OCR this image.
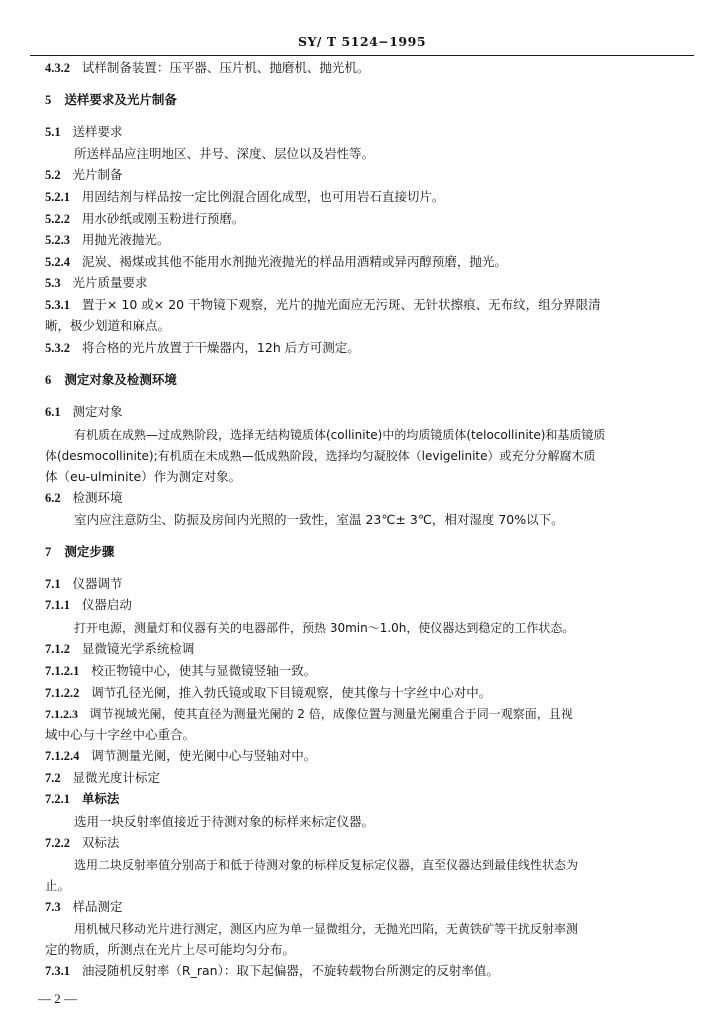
SY/ T 5124−1995
4.3.2 试样制备装置：压平器、压片机、抛磨机、抛光机。
5 送样要求及光片制备
5.1 送样要求
所送样品应注明地区、井号、深度、层位以及岩性等。
5.2 光片制备
5.2.1 用固结剂与样品按一定比例混合固化成型，也可用岩石直接切片。
5.2.2 用水砂纸或刚玉粉进行预磨。
5.2.3 用抛光液抛光。
5.2.4 泥炭、褐煤或其他不能用水剂抛光液抛光的样品用酒精或异丙醇预磨，抛光。
5.3 光片质量要求
5.3.1 置于× 10 或× 20 干物镜下观察，光片的抛光面应无污斑、无针状擦痕、无布纹，组分界限清
晰，极少划道和麻点。
5.3.2 将合格的光片放置于干燥器内，12h 后方可测定。
6 测定对象及检测环境
6.1 测定对象
有机质在成熟—过成熟阶段，选择无结构镜质体(collinite)中的均质镜质体(telocollinite)和基质镜质
体(desmocollinite);有机质在未成熟—低成熟阶段，选择均匀凝胶体（levigelinite）或充分分解腐木质
体（eu-ulminite）作为测定对象。
6.2 检测环境
室内应注意防尘、防振及房间内光照的一致性，室温 23℃± 3℃，相对湿度 70%以下。
7 测定步骤
7.1 仪器调节
7.1.1 仪器启动
打开电源，测量灯和仪器有关的电器部件，预热 30min～1.0h，使仪器达到稳定的工作状态。
7.1.2 显微镜光学系统检调
7.1.2.1 校正物镜中心，使其与显微镜竖轴一致。
7.1.2.2 调节孔径光阑，推入勃氏镜或取下目镜观察，使其像与十字丝中心对中。
7.1.2.3 调节视域光阑，使其直径为测量光阑的 2 倍，成像位置与测量光阑重合于同一观察面，且视
域中心与十字丝中心重合。
7.1.2.4 调节测量光阑，使光阑中心与竖轴对中。
7.2 显微光度计标定
7.2.1 单标法
选用一块反射率值接近于待测对象的标样来标定仪器。
7.2.2 双标法
选用二块反射率值分别高于和低于待测对象的标样反复标定仪器，直至仪器达到最佳线性状态为
止。
7.3 样品测定
用机械尺移动光片进行测定，测区内应为单一显微组分，无抛光凹陷，无黄铁矿等干扰反射率测
定的物质，所测点在光片上尽可能均匀分布。
7.3.1 油浸随机反射率（R_ran）：取下起偏器，不旋转载物台所测定的反射率值。
— 2 —
